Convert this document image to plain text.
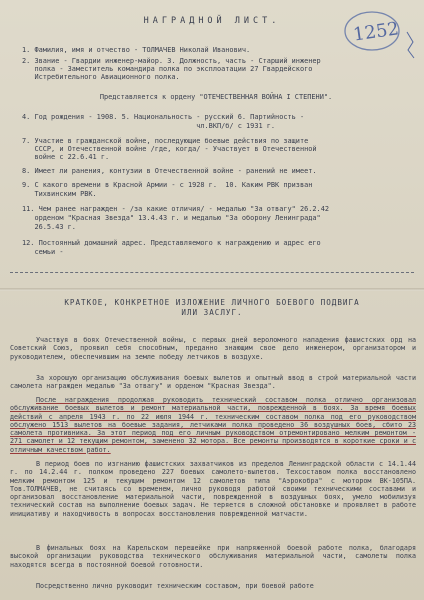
НАГРАДНОЙ ЛИСТ.	1252
1. Фамилия, имя и отчество - ТОЛМАЧЕВ Николай Иванович.
2. Звание - Гвардии инженер-майор. 3. Должность, часть - Старший инженер
полка - Заместитель командира полка по эксплоатации 27 Гвардейского
Истребительного Авиационного полка.
Представляется к ордену "ОТЕЧЕСТВЕННАЯ ВОЙНА I СТЕПЕНИ".
4. Год рождения - 1908. 5. Национальность - русский 6. Партийность -
чл.ВКП/б/ с 1931 г.
7. Участие в гражданской войне, последующие боевые действия по защите
СССР, и Отечественной войне /где, когда/ - Участвует в Отечественной
войне с 22.6.41 г.
8. Имеет ли ранения, контузии в Отечественной войне - ранений не имеет.
9. С какого времени в Красной Армии - с 1928 г.  10. Каким РВК призван
Тихвинским РВК.
11. Чем ранее награжден - /за какие отличия/ - медалью "За отвагу" 26.2.42
орденом "Красная Звезда" 13.4.43 г. и медалью "За оборону Ленинграда"
26.5.43 г.
12. Постоянный домашний адрес. Представляемого к награждению и адрес его
семьи -
КРАТКОЕ, КОНКРЕТНОЕ ИЗЛОЖЕНИЕ ЛИЧНОГО БОЕВОГО ПОДВИГА
ИЛИ ЗАСЛУГ.

Участвуя в боях Отечественной войны, с первых дней вероломного нападения фашистских орд на Советский Союз, проявил себя способным, преданно знающим свое дело инженером, организатором и руководителем, обеспечившим на земле победу летчиков в воздухе.

За хорошую организацию обслуживания боевых вылетов и опытный ввод в строй материальной части самолета награжден медалью "За отвагу" и орденом "Красная Звезда".

После награждения продолжая руководить технический составом полка отлично организовал обслуживание боевых вылетов и ремонт материальной части, поврежденной в боях. За время боевых действий с апреля 1943 г. по 22 июля 1944 г. техническим составом полка под его руководством обслужено 1513 вылетов на боевые задания, летчиками полка проведено 36 воздушных боев, сбито 23 самолета противника. За этот период под его личным руководством отремонтировано мелким ремонтом - 271 самолет и 12 текущим ремонтом, заменено 32 мотора. Все ремонты производятся в короткие сроки и с отличным качеством работ.

В период боев по изгнанию фашистских захватчиков из пределов Ленинградской области с 14.1.44 г. по 14.2.44 г. полком проведено 227 боевых самолето-вылетов. Техсоставом полка восстановлено мелким ремонтом 125 и текущим ремонтом 12 самолетов типа "Аэрокобра" с мотором ВК-105ПА. Тов.ТОЛМАЧЕВ, не считаясь со временем, лично руководя работой своими техническими составами и организовал восстановление материальной части, поврежденной в воздушных боях, умело мобилизуя технический состав на выполнение боевых задач. Не теряется в сложной обстановке и проявляет в работе инициативу и находчивость в вопросах восстановления поврежденной матчасти.

В финальных боях на Карельском перешейке при напряженной боевой работе полка, благодаря высокой организации руководства технического обслуживания материальной части, самолеты полка находятся всегда в постоянной боевой готовности.

Посредственно лично руководит техническим составом, при боевой работе
